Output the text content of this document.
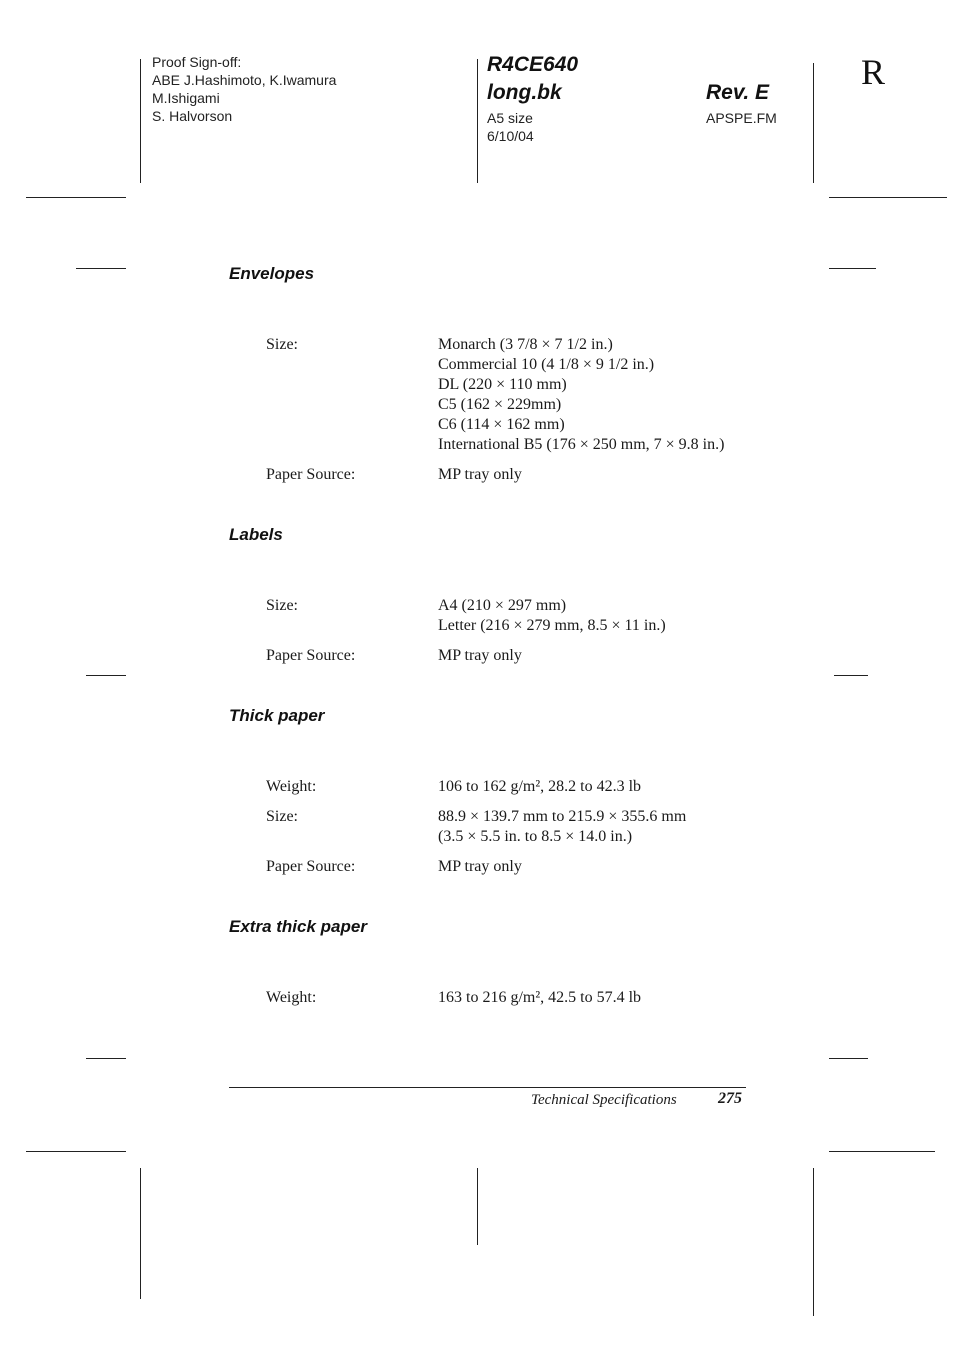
Proof Sign-off:
ABE J.Hashimoto, K.Iwamura
M.Ishigami
S. Halvorson
R4CE640
long.bk	Rev. E
A5 size
6/10/04
APSPE.FM
R
Envelopes
Size:	Monarch (3 7/8 × 7 1/2 in.)
Commercial 10 (4 1/8 × 9 1/2 in.)
DL (220 × 110 mm)
C5 (162 × 229mm)
C6 (114 × 162 mm)
International B5 (176 × 250 mm, 7 × 9.8 in.)
Paper Source:	MP tray only
Labels
Size:	A4 (210 × 297 mm)
Letter (216 × 279 mm, 8.5 × 11 in.)
Paper Source:	MP tray only
Thick paper
Weight:	106 to 162 g/m², 28.2 to 42.3 lb
Size:	88.9 × 139.7 mm to 215.9 × 355.6 mm
(3.5 × 5.5 in. to 8.5 × 14.0 in.)
Paper Source:	MP tray only
Extra thick paper
Weight:	163 to 216 g/m², 42.5 to 57.4 lb
Technical Specifications	275
